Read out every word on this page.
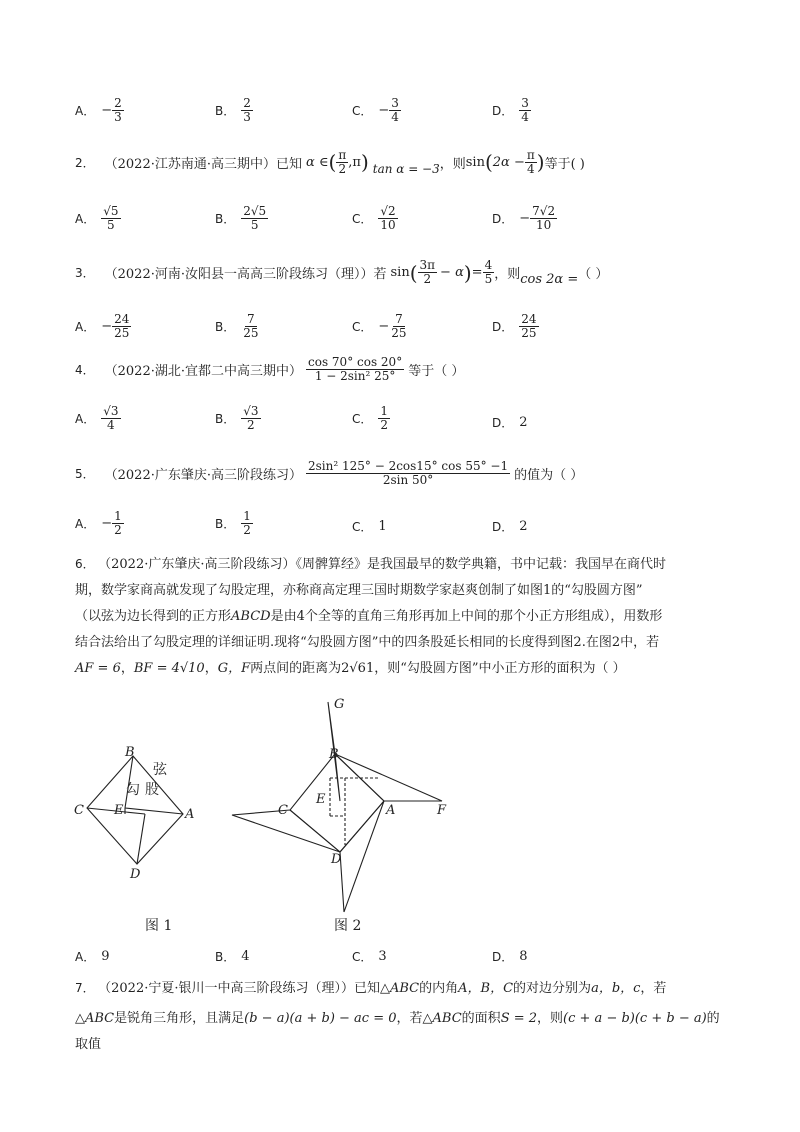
A． − $\frac{2}{3}$	B． $\frac{2}{3}$	C． − $\frac{3}{4}$	D． $\frac{3}{4}$
2． （2022·江苏南通·高三期中）已知 α ∈ ( $\frac{\pi}{2} ,\pi$ ) tan α = −3 ，则 sin ( $2\alpha - \frac{\pi}{4}$ ) 等于( )
A． $\frac{√5}{5}$	B． $\frac{2√5}{5}$	C． $\frac{√2}{10}$	D． − $\frac{7√2}{10}$
3． （2022·河南·汝阳县一高高三阶段练习（理））若 sin ( $\frac{3\pi}{2} - \alpha$ ) = $\frac{4}{5}$ ，则 cos 2α = （ ）
A． − $\frac{24}{25}$	B． $\frac{7}{25}$	C． − $\frac{7}{25}$	D． $\frac{24}{25}$
4． （2022·湖北·宜都二中高三期中） $\frac{\cos 70^\circ \cos 20^\circ}{\text{1 − 2sin² 25°}}$ 等于（ ）
A． $\frac{√3}{4}$	B． $\frac{√3}{2}$	C． $\frac{1}{2}$	D． 2
5． （2022·广东肇庆·高三阶段练习） $\frac{\text{2sin² 125° − 2cos15° cos 55° −1}}{2\sin 50^\circ}$ 的值为（ ）
A． − $\frac{1}{2}$	B． $\frac{1}{2}$	C． 1	D． 2
6． （2022·广东肇庆·高三阶段练习）《周髀算经》是我国最早的数学典籍，书中记载：我国早在商代时
期，数学家商高就发现了勾股定理，亦称商高定理三国时期数学家赵爽创制了如图1的“勾股圆方图”
（以弦为边长得到的正方形ABCD是由4个全等的直角三角形再加上中间的那个小正方形组成），用数形
结合法给出了勾股定理的详细证明.现将“勾股圆方图”中的四条股延长相同的长度得到图2.在图2中，若
AF = 6，BF = 4√10，G，F两点间的距离为2√61，则“勾股圆方图”中小正方形的面积为（ ）
B
C
D
E	A
弦
勾 股
图 1
G
B
C
E
A	F
D
图 2
A． 9	B． 4	C． 3	D． 8
7． （2022·宁夏·银川一中高三阶段练习（理））已知△ABC的内角A，B，C的对边分别为a，b，c，若
△ABC是锐角三角形，且满足(b − a)(a + b) − ac = 0，若△ABC的面积S = 2，则(c + a − b)(c + b − a)的取值
